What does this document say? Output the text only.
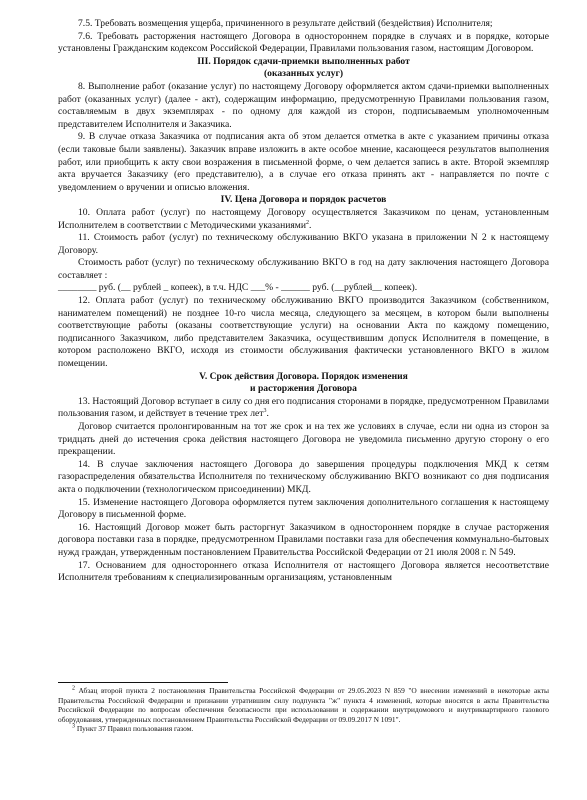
7.5. Требовать возмещения ущерба, причиненного в результате действий (бездействия) Исполнителя;

7.6. Требовать расторжения настоящего Договора в одностороннем порядке в случаях и в порядке, которые установлены Гражданским кодексом Российской Федерации, Правилами пользования газом, настоящим Договором.

III. Порядок сдачи-приемки выполненных работ

(оказанных услуг)

8. Выполнение работ (оказание услуг) по настоящему Договору оформляется актом сдачи-приемки выполненных работ (оказанных услуг) (далее - акт), содержащим информацию, предусмотренную Правилами пользования газом, составляемым в двух экземплярах - по одному для каждой из сторон, подписываемым уполномоченным представителем Исполнителя и Заказчика.

9. В случае отказа Заказчика от подписания акта об этом делается отметка в акте с указанием причины отказа (если таковые были заявлены). Заказчик вправе изложить в акте особое мнение, касающееся результатов выполнения работ, или приобщить к акту свои возражения в письменной форме, о чем делается запись в акте. Второй экземпляр акта вручается Заказчику (его представителю), а в случае его отказа принять акт - направляется по почте с уведомлением о вручении и описью вложения.

IV. Цена Договора и порядок расчетов

10. Оплата работ (услуг) по настоящему Договору осуществляется Заказчиком по ценам, установленным Исполнителем в соответствии с Методическими указаниями$^2$.

11. Стоимость работ (услуг) по техническому обслуживанию ВКГО указана в приложении N 2 к настоящему Договору.

Стоимость работ (услуг) по техническому обслуживанию ВКГО в год на дату заключения настоящего Договора составляет :

________ руб. (__ рублей _ копеек), в т.ч. НДС ___% - ______ руб. (__рублей__ копеек).

12. Оплата работ (услуг) по техническому обслуживанию ВКГО производится Заказчиком (собственником, нанимателем помещений) не позднее 10-го числа месяца, следующего за месяцем, в котором были выполнены соответствующие работы (оказаны соответствующие услуги) на основании Акта по каждому помещению, подписанного Заказчиком, либо представителем Заказчика, осуществившим допуск Исполнителя в помещение, в котором расположено ВКГО, исходя из стоимости обслуживания фактически установленного ВКГО в жилом помещении.

V. Срок действия Договора. Порядок изменения

и расторжения Договора

13. Настоящий Договор вступает в силу со дня его подписания сторонами в порядке, предусмотренном Правилами пользования газом, и действует в течение трех лет$^3$.

Договор считается пролонгированным на тот же срок и на тех же условиях в случае, если ни одна из сторон за тридцать дней до истечения срока действия настоящего Договора не уведомила письменно другую сторону о его прекращении.

14. В случае заключения настоящего Договора до завершения процедуры подключения МКД к сетям газораспределения обязательства Исполнителя по техническому обслуживанию ВКГО возникают со дня подписания акта о подключении (технологическом присоединении) МКД.

15. Изменение настоящего Договора оформляется путем заключения дополнительного соглашения к настоящему Договору в письменной форме.

16. Настоящий Договор может быть расторгнут Заказчиком в одностороннем порядке в случае расторжения договора поставки газа в порядке, предусмотренном Правилами поставки газа для обеспечения коммунально-бытовых нужд граждан, утвержденным постановлением Правительства Российской Федерации от 21 июля 2008 г. N 549.

17. Основанием для одностороннего отказа Исполнителя от настоящего Договора является несоответствие Исполнителя требованиям к специализированным организациям, установленным

$^2$ Абзац второй пункта 2 постановления Правительства Российской Федерации от 29.05.2023 N 859 "О внесении изменений в некоторые акты Правительства Российской Федерации и признании утратившим силу подпункта "ж" пункта 4 изменений, которые вносятся в акты Правительства Российской Федерации по вопросам обеспечения безопасности при использовании и содержании внутридомового и внутриквартирного газового оборудования, утвержденных постановлением Правительства Российской Федерации от 09.09.2017 N 1091".

$^3$ Пункт 37 Правил пользования газом.
